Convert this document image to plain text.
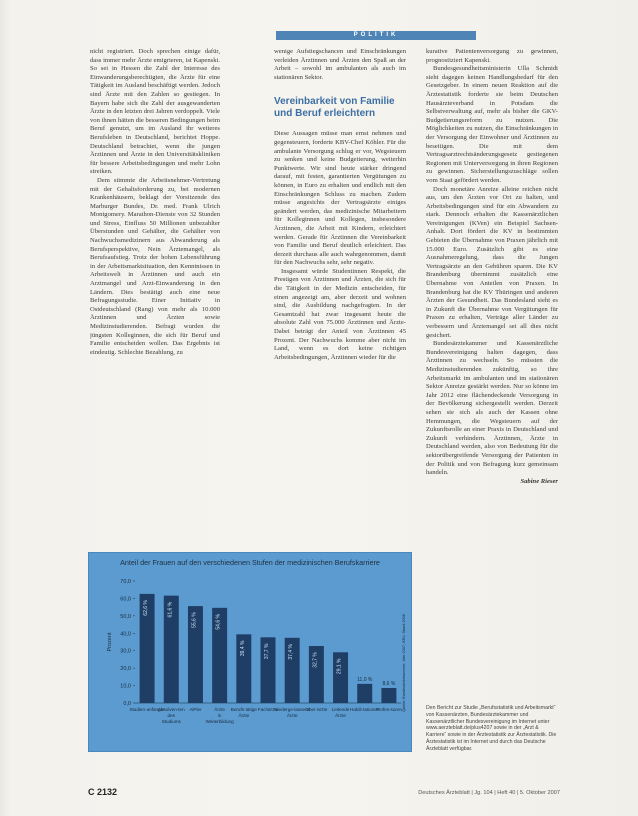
POLITIK

nicht registriert. Doch sprechen einige dafür, dass immer mehr Ärzte emigrieren, ist Kapenski. So sei in Hessen die Zahl der Interesse des Einwanderungsberechtigten, die Ärzte für eine Tätigkeit im Ausland beschäftigt werden. Jedoch sind Ärzte mit den Zahlen so gestiegen. In Bayern habe sich die Zahl der ausgewanderten Ärzte in den letzten drei Jahren verdoppelt. Viele von ihnen hätten die besseren Bedingungen beim Beruf genutzt, um im Ausland ihr weiteres Berufsleben in Deutschland, berichtet Hoppe. Deutschland betrachtet, wenn die jungen Ärztinnen und Ärzte in den Universitätskliniken für bessere Arbeitsbedingungen und mehr Lohn streiken.

Dem stimmte die Arbeitsnehmer-Vertretung mit der Gehaltsforderung zu, bei modernen Krankenhäusern, beklagt der Vorsitzende des Marburger Bundes, Dr. med. Frank Ulrich Montgomery. Marathon-Dienste von 32 Stunden und Stress, Einfluss 50 Millionen unbezahlter Überstunden und Gehälter, die Gehälter von Nachwuchsmedizinern aus Abwanderung als Berufsperspektive, Nein Ärztemangel, als Berufsaufstieg. Trotz der hohen Lebensführung in der Arbeitsmarktsituation, den Kenntnissen in Arbeitswelt in Ärztinnen und auch ein Arztmangel und Arzt-Einwanderung in den Ländern. Dies bestätigt auch eine neue Befragungsstudie. Einer Initiativ in Ostdeutschland (Rang) von mehr als 10.000 Ärztinnen und Ärzten sowie Medizinstudierenden. Befragt wurden die jüngsten Kolleginnen, die sich für Beruf und Familie entscheiden wollen. Das Ergebnis ist eindeutig. Schlechte Bezahlung, zu

wenige Aufstiegschancen und Einschränkungen verleiden Ärztinnen und Ärzten den Spaß an der Arbeit – sowohl im ambulanten als auch im stationären Sektor.

Vereinbarkeit von Familie und Beruf erleichtern

Diese Aussagen müsse man ernst nehmen und gegensteuern, forderte KBV-Chef Köhler. Für die ambulante Versorgung schlug er vor, Wegsteuern zu senken und keine Budgetierung, weiterhin Punktwerte. Wir sind heute stärker dringend darauf, mit festen, garantierten Vergütungen zu können, in Euro zu erhalten und endlich mit den Einschränkungen Schluss zu machen. Zudem müsse angesichts der Vertragsärzte einiges geändert werden, das medizinische Mitarbeitern für Kolleginnen und Kollegen, insbesondere Ärztinnen, die Arbeit mit Kindern, erleichtert werden. Gerade für Ärztinnen die Vereinbarkeit von Familie und Beruf deutlich erleichtert. Das derzeit durchaus alle auch wahrgenommen, damit für den Nachwuchs sehr, sehr negativ.

Insgesamt würde Studentinnen Respekt, die Prestigen von Ärztinnen und Ärzten, die sich für die Tätigkeit in der Medizin entscheiden, für einen angezeigt am, aber derzeit und wohnen sind, die Ausbildung nachgefragten. In der Gesamtzahl hat zwar insgesamt heute die absolute Zahl von 75.000 Ärztinnen und Ärzte-Dabei beträgt der Anteil von Ärztinnen 45 Prozent. Der Nachwuchs komme aber nicht im Land, wenn es dort keine richtigen Arbeitsbedingungen, Ärztinnen wieder für die

kurative Patientenversorgung zu gewinnen, prognostiziert Kapenski.

Bundesgesundheitsministerin Ulla Schmidt sieht dagegen keinen Handlungsbedarf für den Gesetzgeber. In einem neuen Reaktion auf die Ärztestatistik forderte sie beim Deutschen Hausärzteverband in Potsdam die Selbstverwaltung auf, mehr als bisher die GKV-Budgetierungsreform zu nutzen. Die Möglichkeiten zu nutzen, die Einschränkungen in der Versorgung der Einwohner und Ärztinnen zu beseitigen. Die mit dem Vertragsarztrechtsänderungsgesetz gestiegenen Regionen mit Unterversorgung in ihren Regionen zu gewinnen. Sicherstellungszuschläge sollen vom Staat gefördert werden.

Doch monetäre Anreize alleine reichen nicht aus, um den Ärzten vor Ort zu halten, und Arbeitsbedingungen sind für ein Abwandern zu stark. Dennoch erhalten die Kassenärztlichen Vereinigungen (KVen) ein Beispiel Sachsen-Anhalt. Dort fördert die KV in bestimmten Gebieten die Übernahme von Praxen jährlich mit 15.000 Euro. Zusätzlich gibt es eine Ausnahmeregelung, dass die Jungen Vertragsärzte an den Gebühren sparen. Die KV Brandenburg übernimmt zusätzlich eine Übernahme von Anteilen von Praxen. In Brandenburg hat die KV Thüringen und anderen Ärzten der Gesundheit. Das Bundesland sieht es in Zukunft die Übernahme von Vergütungen für Praxen zu erhalten, Verträge aller Länder zu verbessern und Ärztemangel sei all dies nicht gesichert.

Bundesärztekammer und Kassenärztliche Bundesvereinigung halten dagegen, dass Ärztinnen zu wechseln. So müssten die Medizinstudierenden zukünftig, so ihre Arbeitsmarkt im ambulanten und im stationären Sektor Anreize gestärkt werden. Nur so könne im Jahr 2012 eine flächendeckende Versorgung in der Bevölkerung sichergestellt werden. Derzeit sehen sie sich als auch der Kassen ohne Hemmungen, die Wegsteuern auf der Zukunftsrolle an einer Praxis in Deutschland und Zukunft verhindern. Ärztinnen, Ärzte in Deutschland werden, also von Bedeutung für die sektorübergreifende Versorgung der Patienten in der Politik und von Befragung kurz gemeinsam handeln.

Sabine Rieser

Den Bericht zur Studie „Berufsstatistik und Arbeitsmarkt“ von Kassenärzten, Bundesärztekammer und Kassenärztlicher Bundesvereinigung im Internet unter www.aerzteblatt.de/plus4207 sowie in der „Arzt & Karriere“ sowie in der Ärztestatistik zur Ärztestatistik. Die Ärztestatistik ist im Internet und durch das Deutsche Ärzteblatt verfügbar.
Anteil der Frauen auf den verschiedenen Stufen der medizinischen Berufskarriere
Prozent
0,0
10,0
20,0
30,0
40,0
50,0
60,0
70,0
62,6 %
Studien-anfänger
61,6 %
Absolven-ten
des
Studiums
55,6 %
AiPler
54,6 %
Ärzte
in
Weiterbildung
39,4 %
Berufs-tätige
Ärzte
37,7 %
Fachärzte
37,4 %
Niederge-lassene
Ärzte
32,7 %
Ober-ärzte
29,1 %
Leitende
Ärzte
11,0 %
Habili-tationen
8,6 %
Profes-suren Quelle: Bundesärztekammer, Jahr 2007; KBV, Stand 2006
C 2132	Deutsches Ärzteblatt | Jg. 104 | Heft 40 | 5. Oktober 2007
